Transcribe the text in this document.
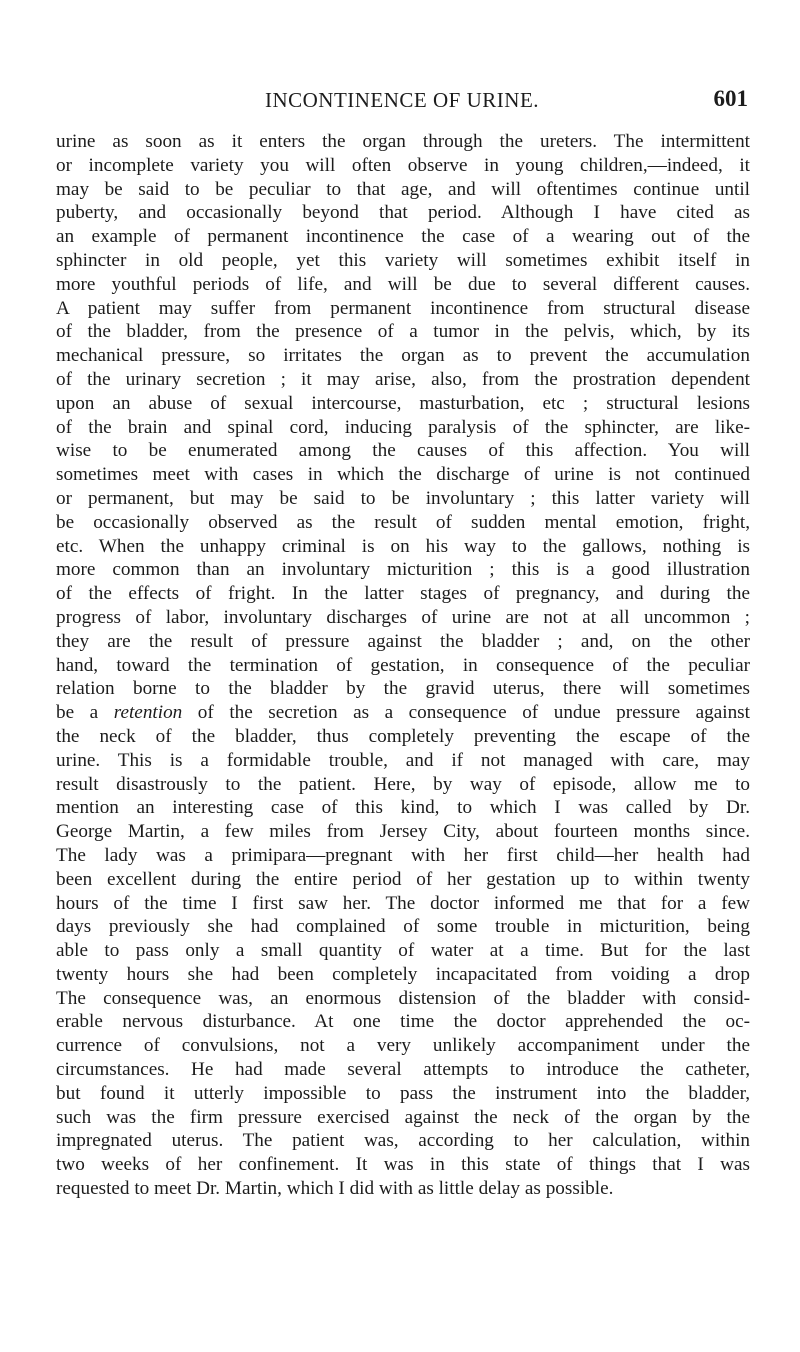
INCONTINENCE OF URINE.	601
urine as soon as it enters the organ through the ureters. The intermittent
or incomplete variety you will often observe in young children,—indeed, it
may be said to be peculiar to that age, and will oftentimes continue until
puberty, and occasionally beyond that period. Although I have cited as
an example of permanent incontinence the case of a wearing out of the
sphincter in old people, yet this variety will sometimes exhibit itself in
more youthful periods of life, and will be due to several different causes.
A patient may suffer from permanent incontinence from structural disease
of the bladder, from the presence of a tumor in the pelvis, which, by its
mechanical pressure, so irritates the organ as to prevent the accumulation
of the urinary secretion ; it may arise, also, from the prostration dependent
upon an abuse of sexual intercourse, masturbation, etc ; structural lesions
of the brain and spinal cord, inducing paralysis of the sphincter, are like-
wise to be enumerated among the causes of this affection. You will
sometimes meet with cases in which the discharge of urine is not continued
or permanent, but may be said to be involuntary ; this latter variety will
be occasionally observed as the result of sudden mental emotion, fright,
etc. When the unhappy criminal is on his way to the gallows, nothing is
more common than an involuntary micturition ; this is a good illustration
of the effects of fright. In the latter stages of pregnancy, and during the
progress of labor, involuntary discharges of urine are not at all uncommon ;
they are the result of pressure against the bladder ; and, on the other
hand, toward the termination of gestation, in consequence of the peculiar
relation borne to the bladder by the gravid uterus, there will sometimes
be a retention of the secretion as a consequence of undue pressure against
the neck of the bladder, thus completely preventing the escape of the
urine. This is a formidable trouble, and if not managed with care, may
result disastrously to the patient. Here, by way of episode, allow me to
mention an interesting case of this kind, to which I was called by Dr.
George Martin, a few miles from Jersey City, about fourteen months since.
The lady was a primipara—pregnant with her first child—her health had
been excellent during the entire period of her gestation up to within twenty
hours of the time I first saw her. The doctor informed me that for a few
days previously she had complained of some trouble in micturition, being
able to pass only a small quantity of water at a time. But for the last
twenty hours she had been completely incapacitated from voiding a drop
The consequence was, an enormous distension of the bladder with consid-
erable nervous disturbance. At one time the doctor apprehended the oc-
currence of convulsions, not a very unlikely accompaniment under the
circumstances. He had made several attempts to introduce the catheter,
but found it utterly impossible to pass the instrument into the bladder,
such was the firm pressure exercised against the neck of the organ by the
impregnated uterus. The patient was, according to her calculation, within
two weeks of her confinement. It was in this state of things that I was
requested to meet Dr. Martin, which I did with as little delay as possible.
